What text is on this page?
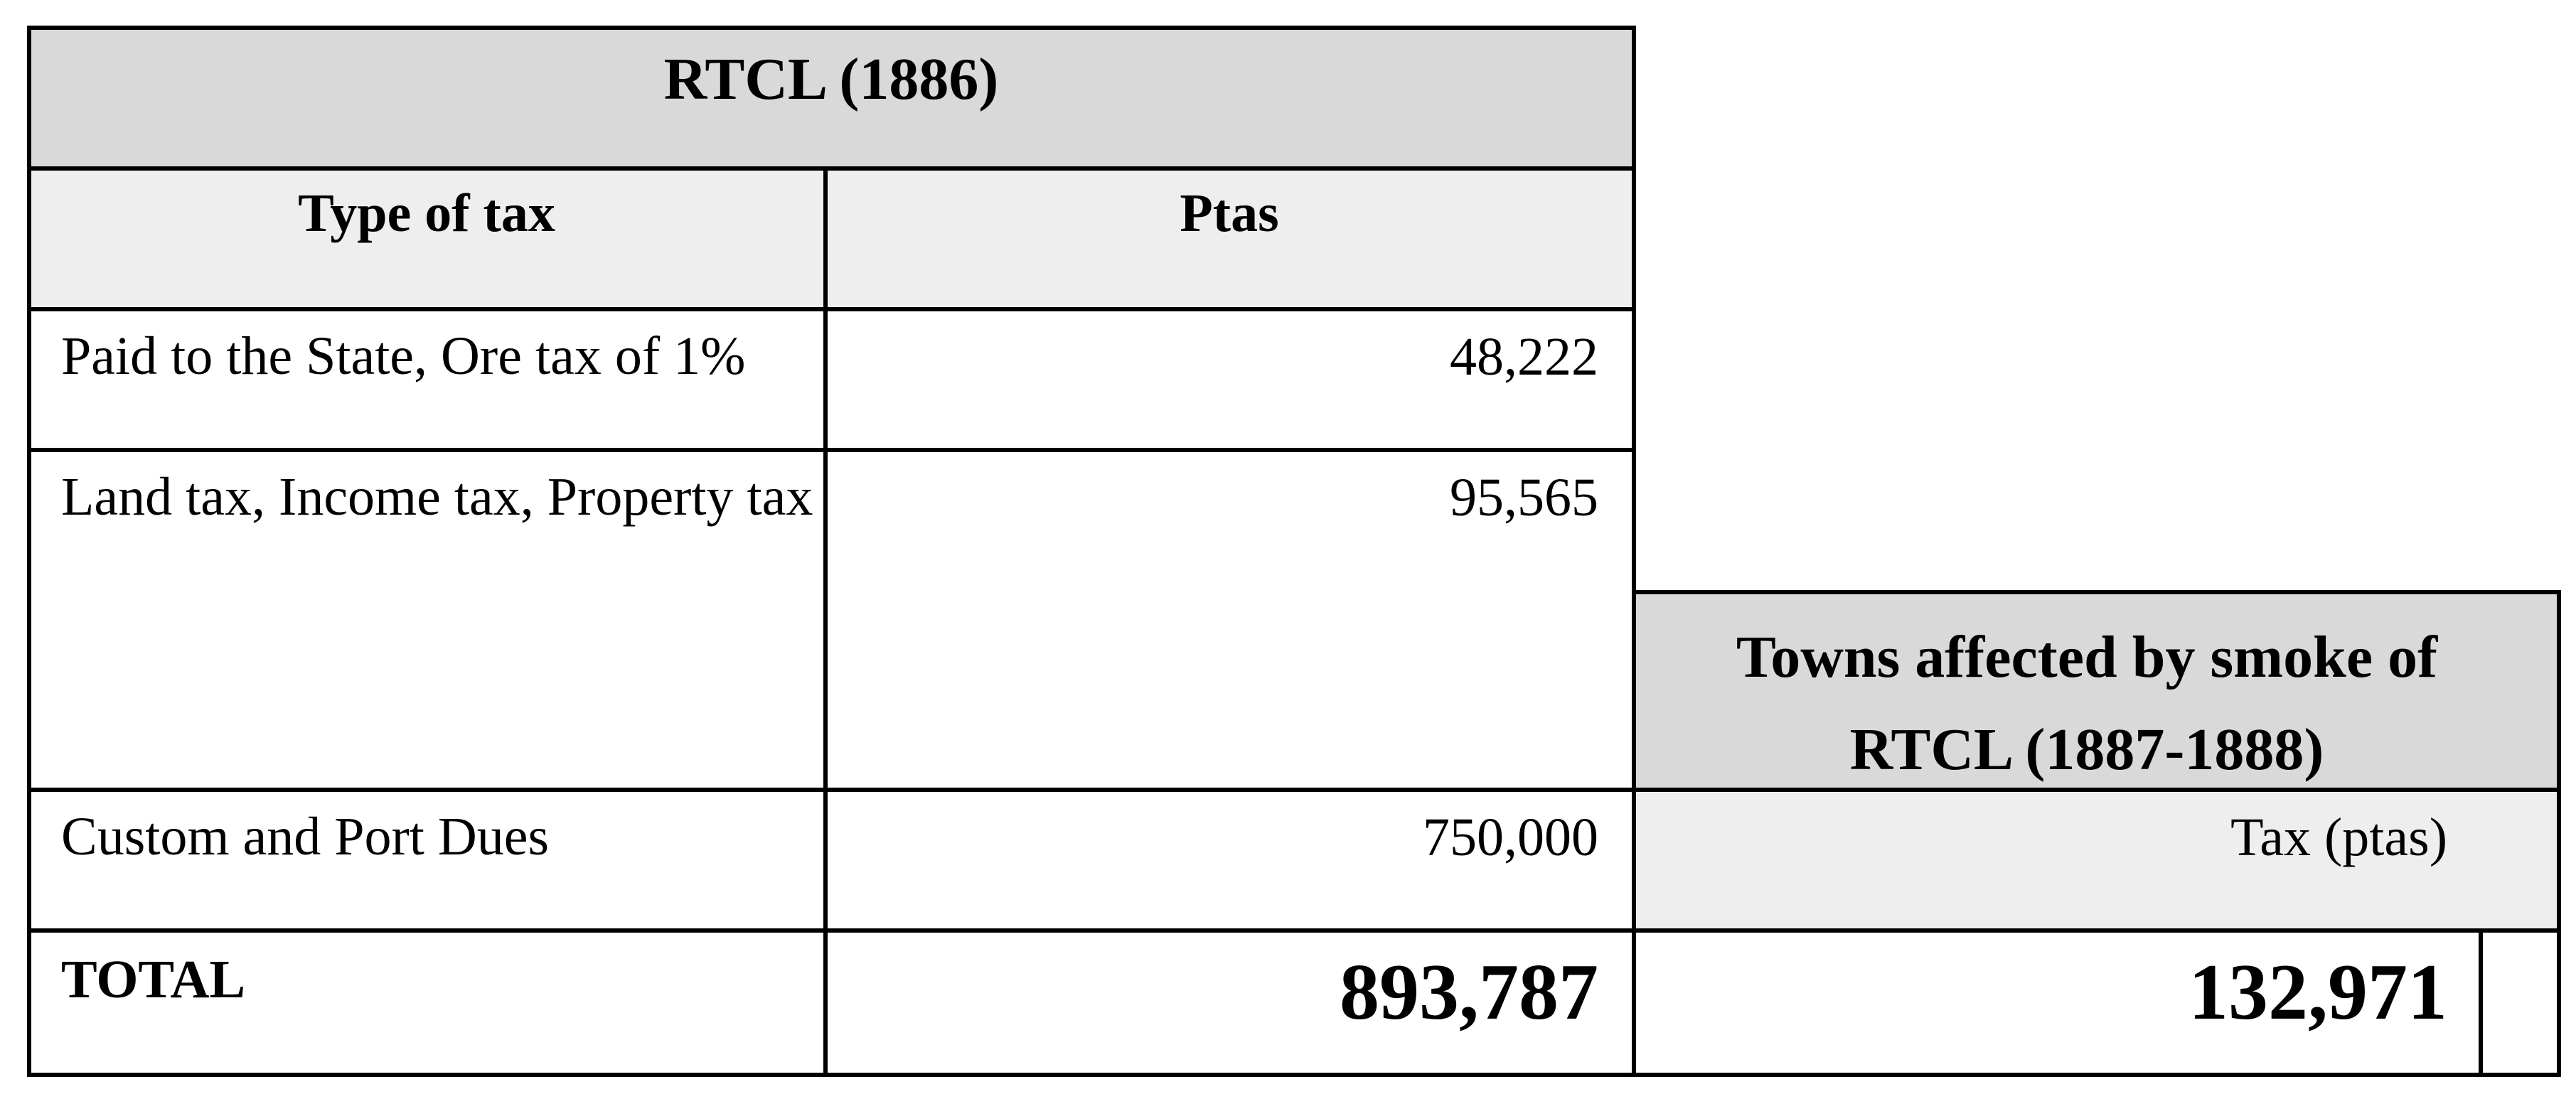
RTCL (1886)
Type of tax	Ptas
Paid to the State, Ore tax of 1%	48,222
Land tax, Income tax, Property tax	95,565
Custom and Port Dues	750,000
TOTAL	893,787
Towns affected by smoke of RTCL (1887-1888)
Tax (ptas)
132,971
